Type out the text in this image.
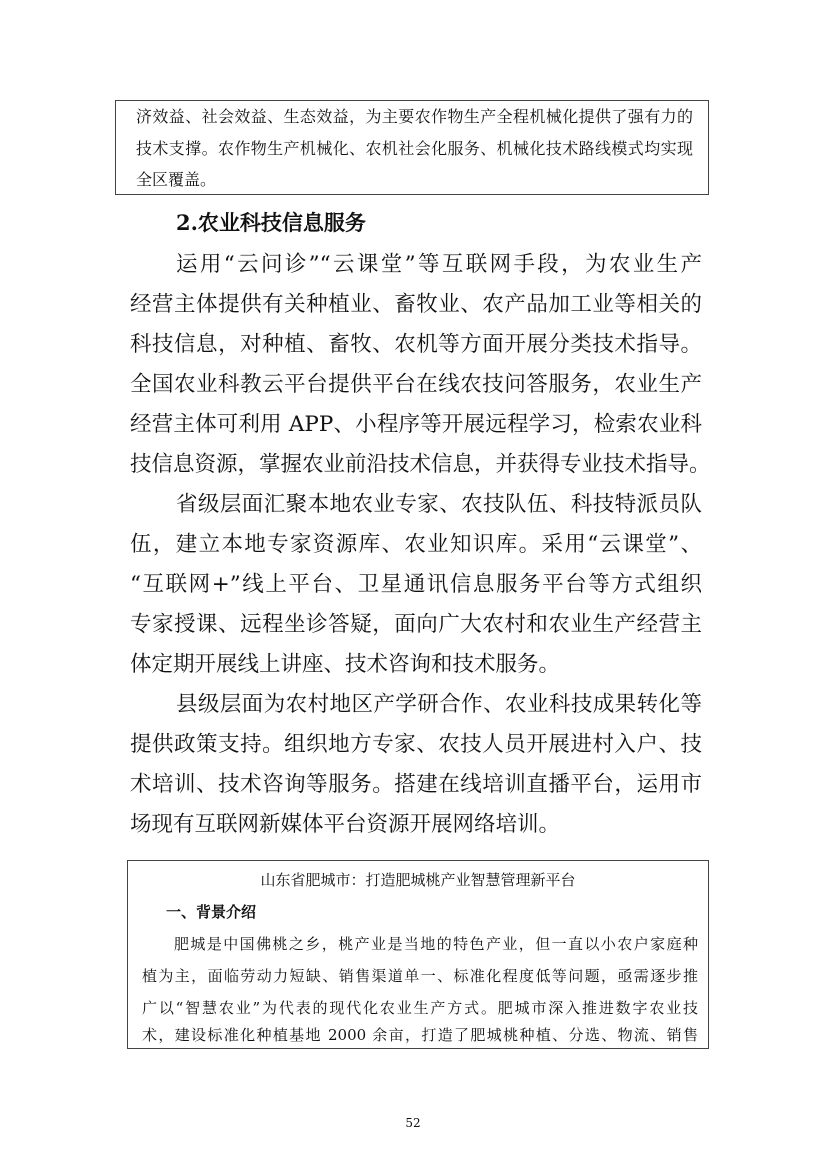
济效益、社会效益、生态效益，为主要农作物生产全程机械化提供了强有力的
技术支撑。农作物生产机械化、农机社会化服务、机械化技术路线模式均实现
全区覆盖。
2.农业科技信息服务
运用“云问诊”“云课堂”等互联网手段，为农业生产
经营主体提供有关种植业、畜牧业、农产品加工业等相关的
科技信息，对种植、畜牧、农机等方面开展分类技术指导。
全国农业科教云平台提供平台在线农技问答服务，农业生产
经营主体可利用 APP、小程序等开展远程学习，检索农业科
技信息资源，掌握农业前沿技术信息，并获得专业技术指导。
省级层面汇聚本地农业专家、农技队伍、科技特派员队
伍，建立本地专家资源库、农业知识库。采用“云课堂”、
“互联网+”线上平台、卫星通讯信息服务平台等方式组织
专家授课、远程坐诊答疑，面向广大农村和农业生产经营主
体定期开展线上讲座、技术咨询和技术服务。
县级层面为农村地区产学研合作、农业科技成果转化等
提供政策支持。组织地方专家、农技人员开展进村入户、技
术培训、技术咨询等服务。搭建在线培训直播平台，运用市
场现有互联网新媒体平台资源开展网络培训。
山东省肥城市：打造肥城桃产业智慧管理新平台
一、背景介绍
肥城是中国佛桃之乡，桃产业是当地的特色产业，但一直以小农户家庭种
植为主，面临劳动力短缺、销售渠道单一、标准化程度低等问题，亟需逐步推
广以“智慧农业”为代表的现代化农业生产方式。肥城市深入推进数字农业技
术，建设标准化种植基地 2000 余亩，打造了肥城桃种植、分选、物流、销售
52
